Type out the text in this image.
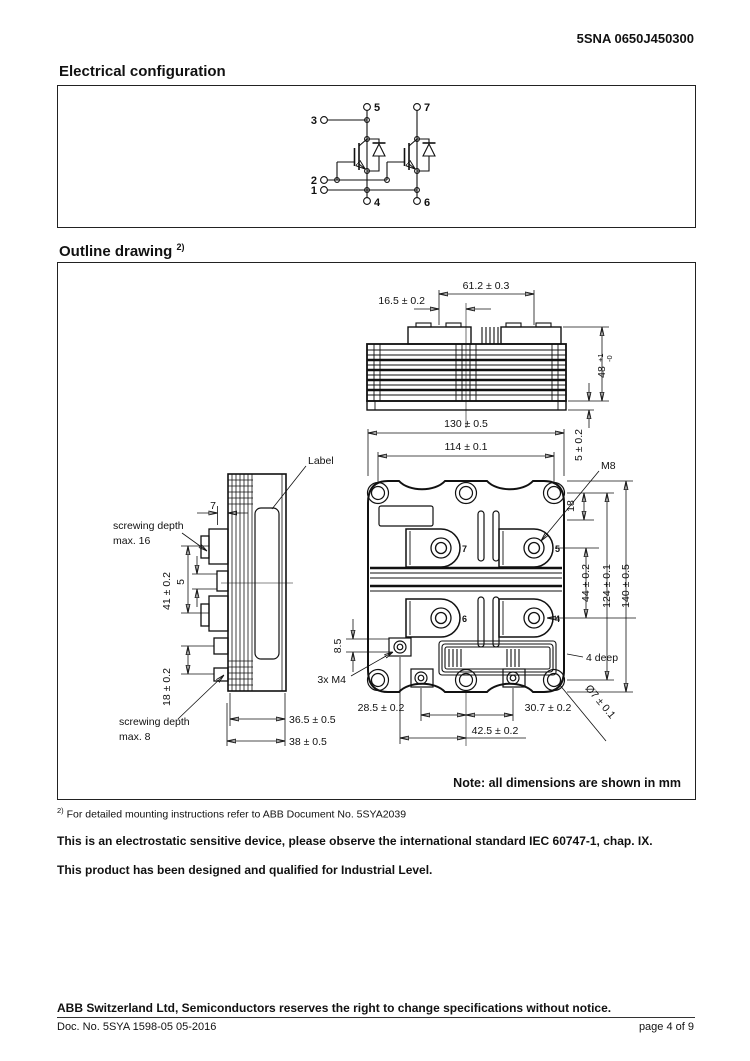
5SNA 0650J450300
Electrical configuration
5	7
3
2
1
4	6
Outline drawing $^{2)}$
61.2 ± 0.3
16.5 ± 0.2
48
+1 -0
5 ± 0.2
130 ± 0.5
114 ± 0.1
M8
18
44 ± 0.2 124 ± 0.1 140 ± 0.5
4 deep
Ø7 ± 0.1
8.5
3x M4
28.5 ± 0.2	30.7 ± 0.2
42.5 ± 0.2
Label
7
screwing depth
max. 16
5
41 ± 0.2
18 ± 0.2
screwing depth
max. 8
36.5 ± 0.5
38 ± 0.5
7	5
6	4
Note: all dimensions are shown in mm
$^{2)}$ For detailed mounting instructions refer to ABB Document No. 5SYA2039
This is an electrostatic sensitive device, please observe the international standard IEC 60747-1, chap. IX.
This product has been designed and qualified for Industrial Level.
ABB Switzerland Ltd, Semiconductors reserves the right to change specifications without notice.
Doc. No. 5SYA 1598-05 05-2016	page 4 of 9
